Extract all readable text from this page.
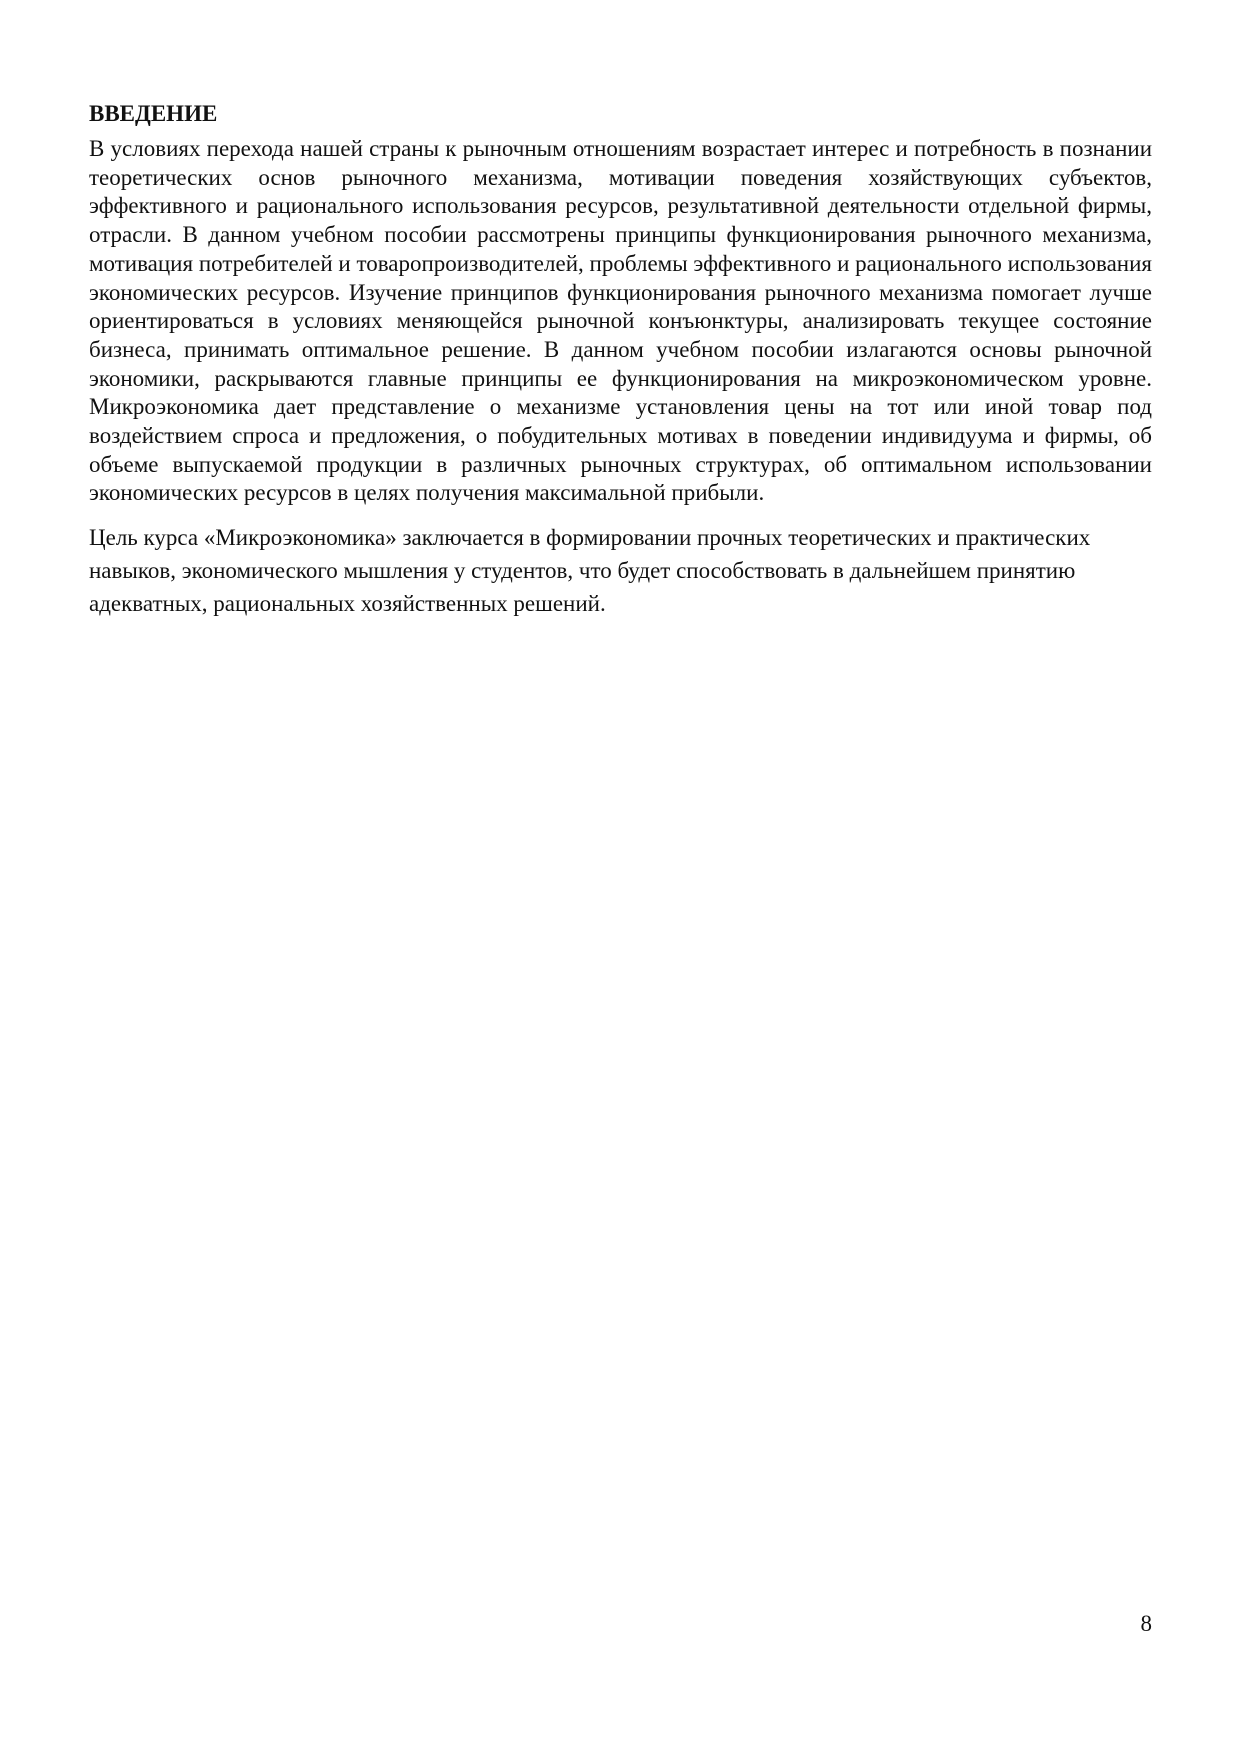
ВВЕДЕНИЕ

В условиях перехода нашей страны к рыночным отношениям возрастает интерес и потребность в познании теоретических основ рыночного механизма, мотивации поведения хозяйствующих субъектов, эффективного и рационального использования ресурсов, результативной деятельности отдельной фирмы, отрасли. В данном учебном пособии рассмотрены принципы функционирования рыночного механизма, мотивация потребителей и товаропроизводителей, проблемы эффективного и рационального использования экономических ресурсов. Изучение принципов функционирования рыночного механизма помогает лучше ориентироваться в условиях меняющейся рыночной конъюнктуры, анализировать текущее состояние бизнеса, принимать оптимальное решение. В данном учебном пособии излагаются основы рыночной экономики, раскрываются главные принципы ее функционирования на микроэкономическом уровне. Микроэкономика дает представление о механизме установления цены на тот или иной товар под воздействием спроса и предложения, о побудительных мотивах в поведении индивидуума и фирмы, об объеме выпускаемой продукции в различных рыночных структурах, об оптимальном использовании экономических ресурсов в целях получения максимальной прибыли.

Цель курса «Микроэкономика» заключается в формировании прочных теоретических и практических навыков, экономического мышления у студентов, что будет способствовать в дальнейшем принятию адекватных, рациональных хозяйственных решений.

8
